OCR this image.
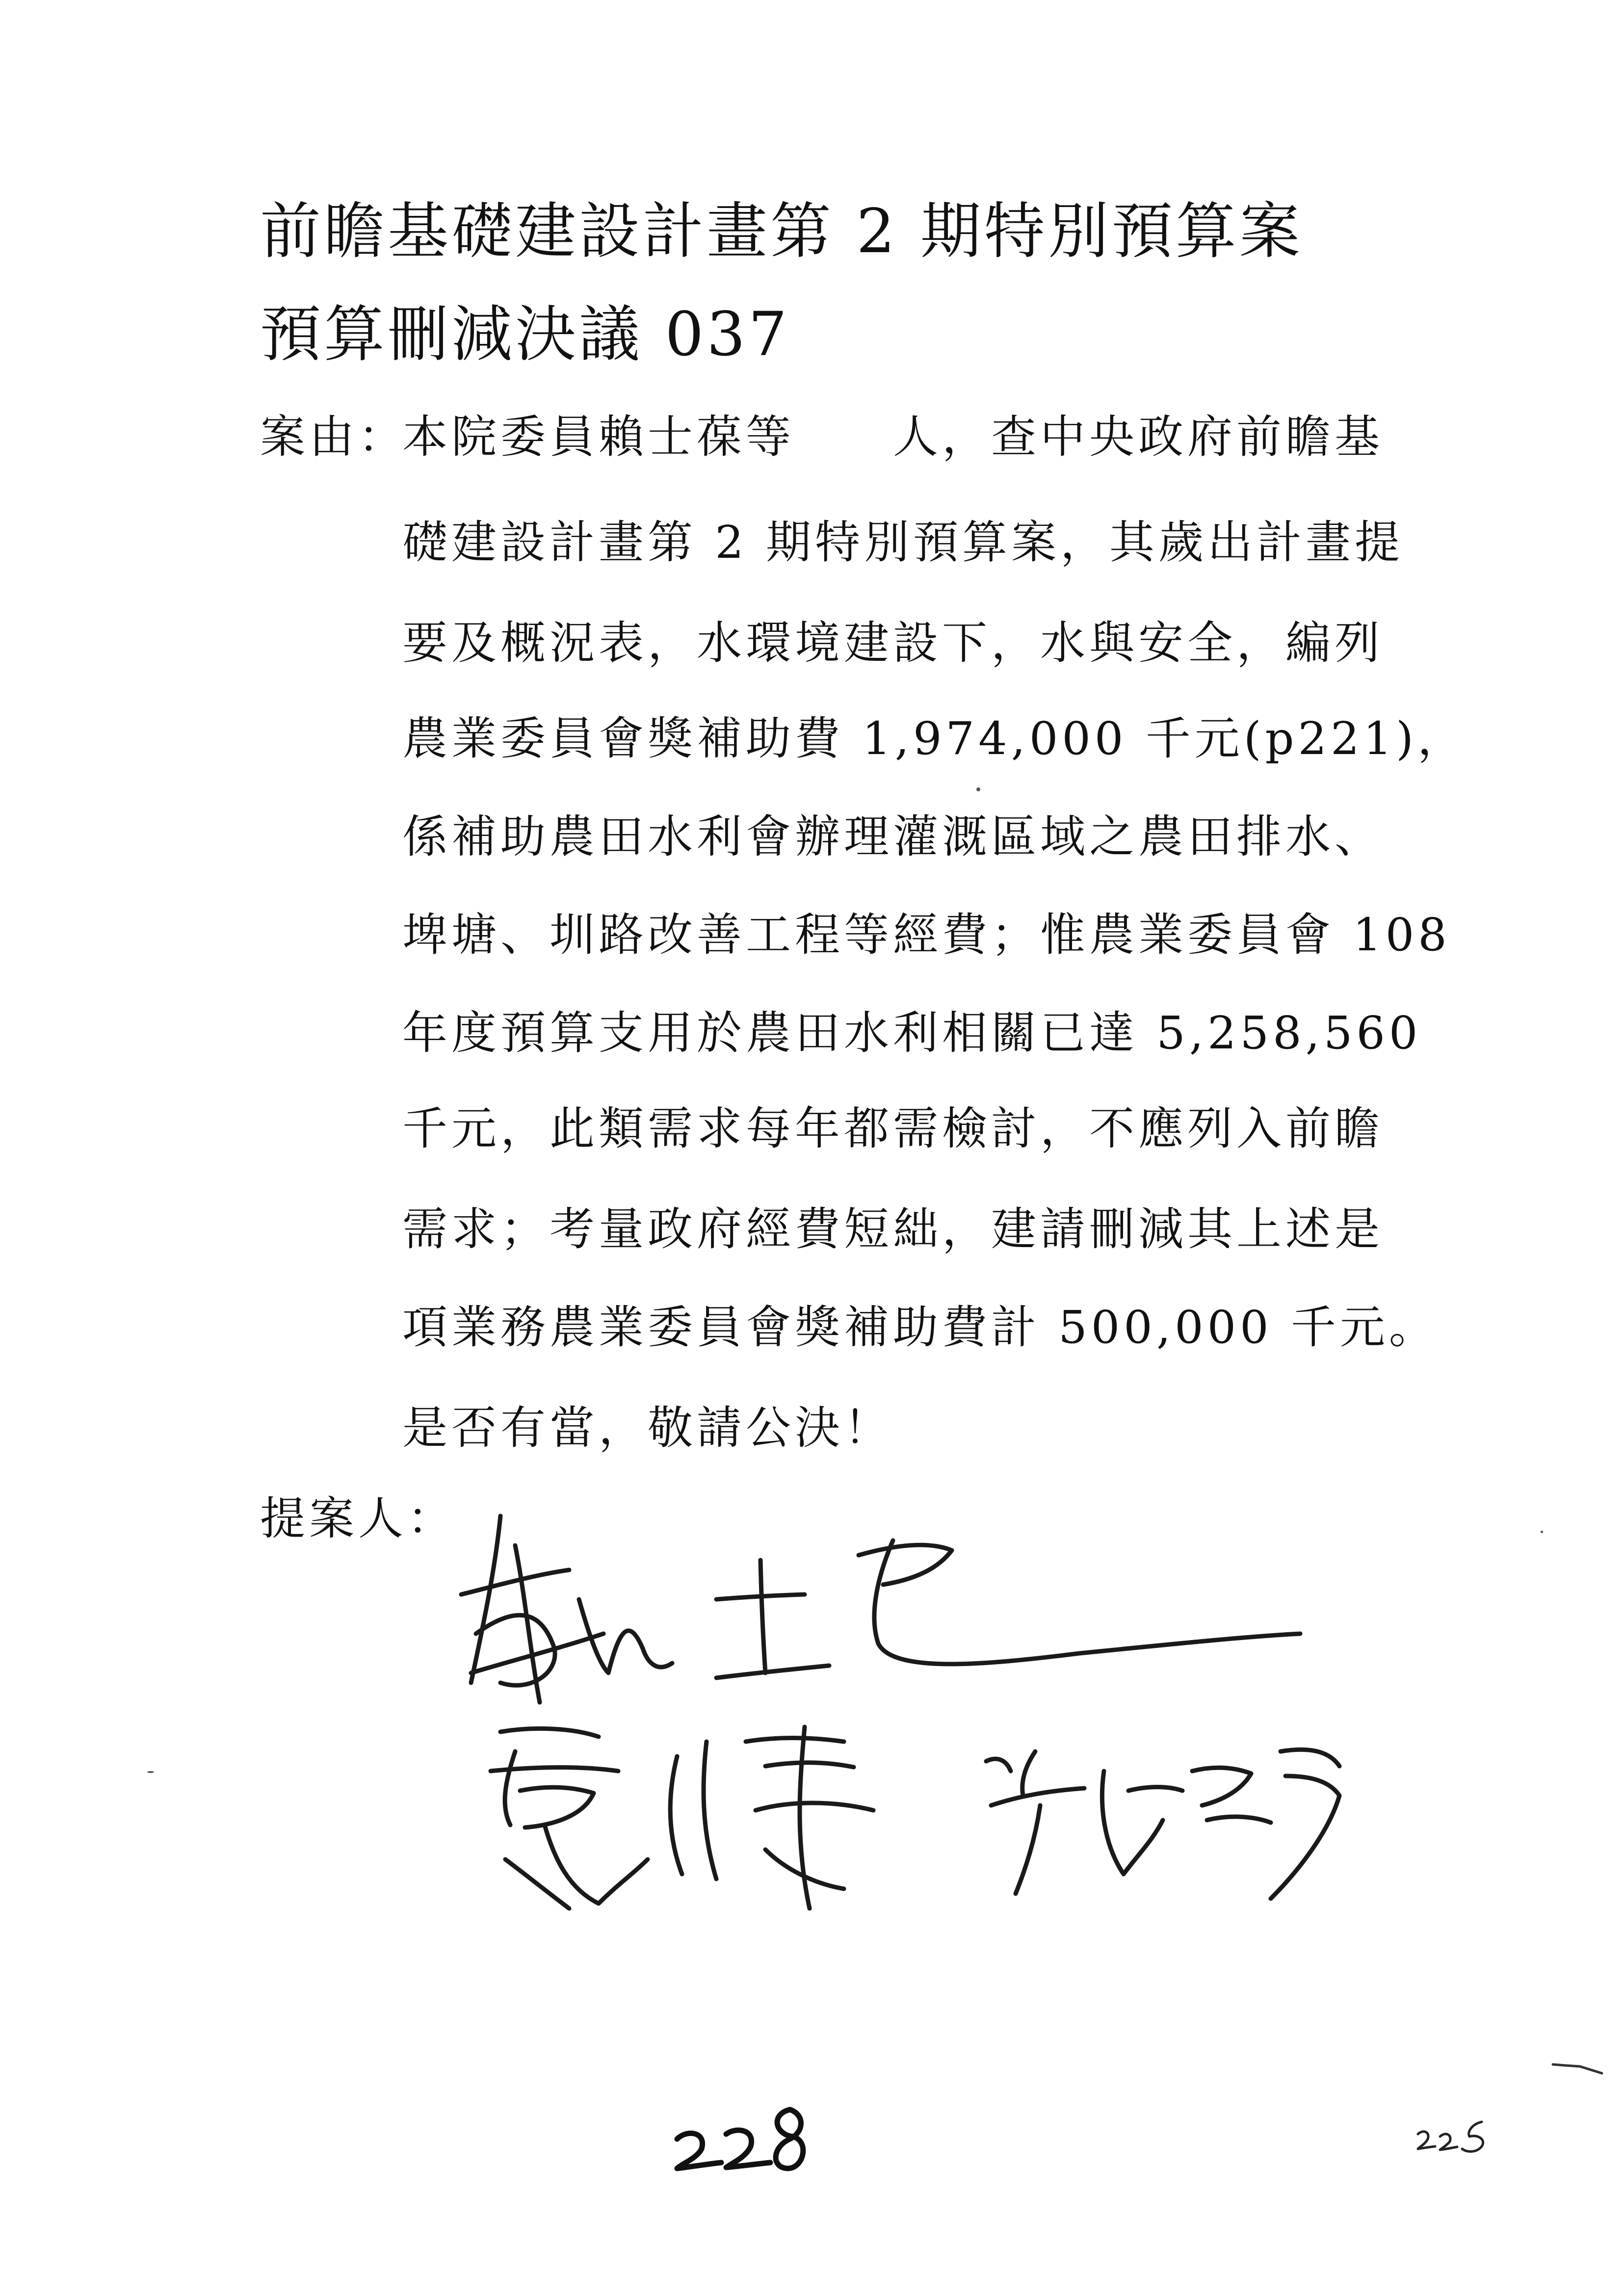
前瞻基礎建設計畫第 2 期特別預算案
預算刪減決議 037
案由：
本院委員賴士葆等　　人，查中央政府前瞻基
礎建設計畫第 2 期特別預算案，其歲出計畫提
要及概況表，水環境建設下，水與安全，編列
農業委員會獎補助費 1,974,000 千元(p221)，
係補助農田水利會辦理灌溉區域之農田排水、
埤塘、圳路改善工程等經費；惟農業委員會 108
年度預算支用於農田水利相關已達 5,258,560
千元，此類需求每年都需檢討，不應列入前瞻
需求；考量政府經費短絀，建請刪減其上述是
項業務農業委員會獎補助費計 500,000 千元。
是否有當，敬請公決！
提案人：
